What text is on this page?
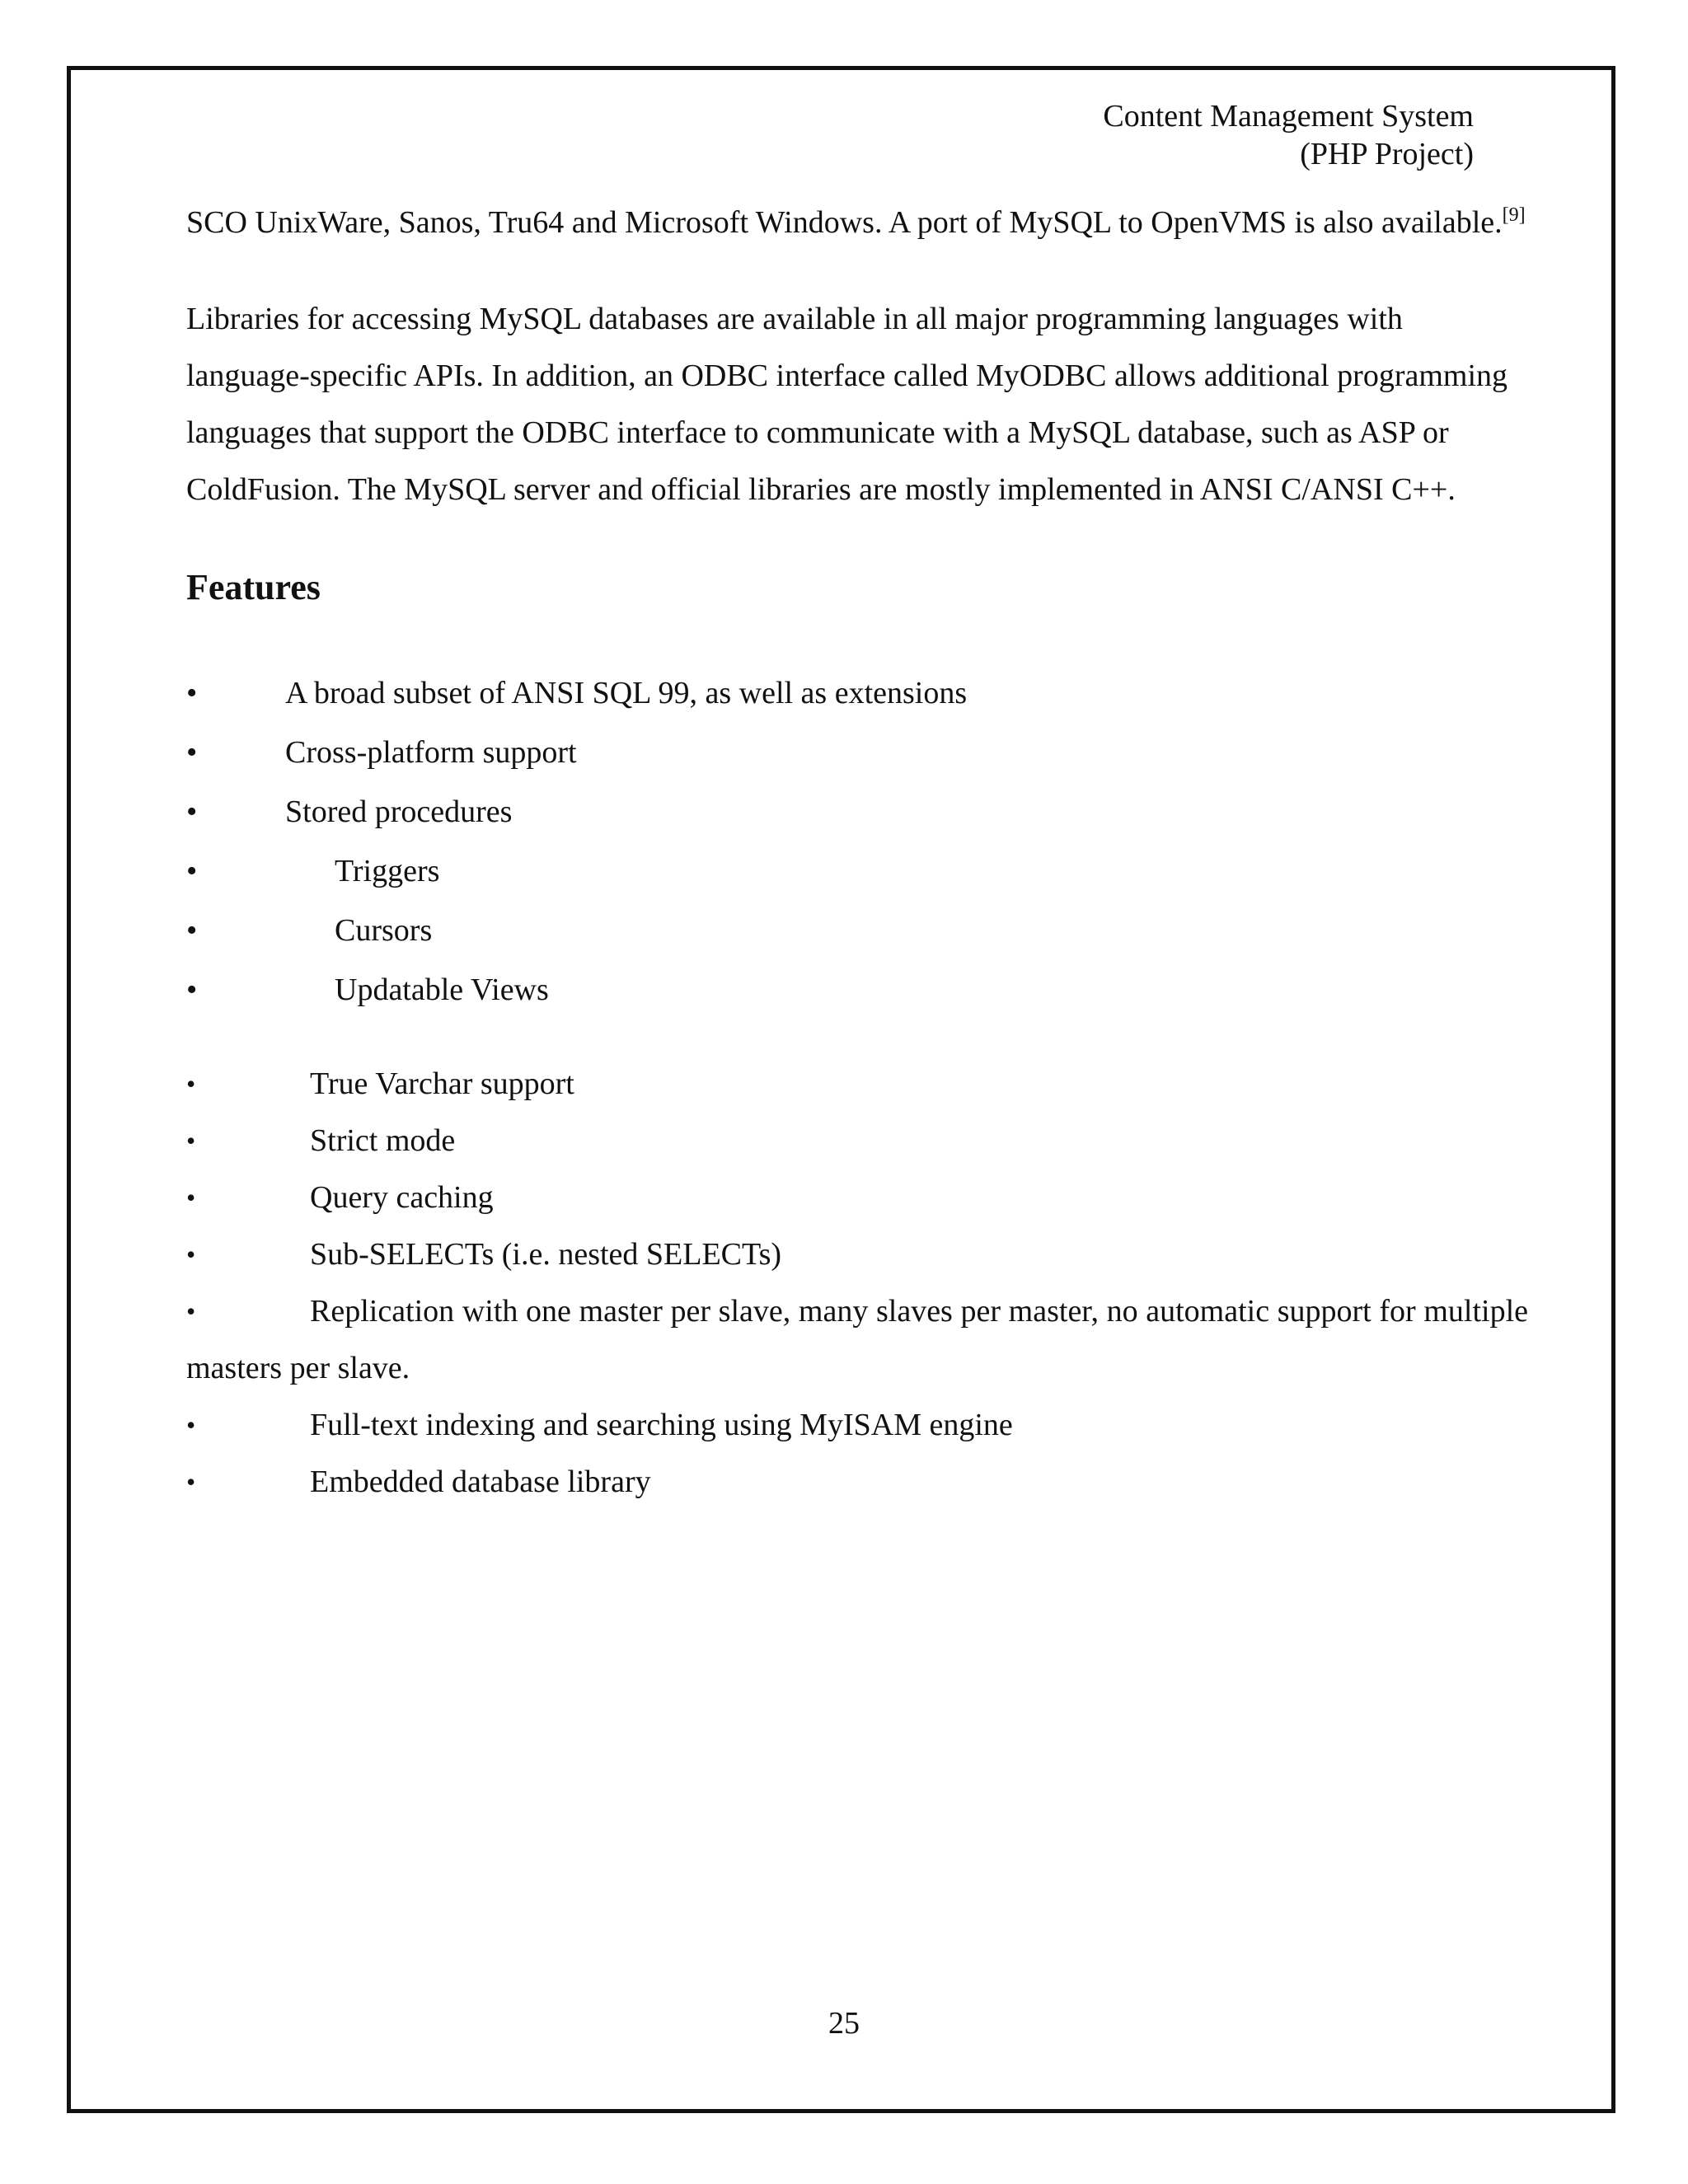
Content Management System
(PHP Project)

SCO UnixWare, Sanos, Tru64 and Microsoft Windows. A port of MySQL to OpenVMS is also available.[9]

Libraries for accessing MySQL databases are available in all major programming languages with language-specific APIs. In addition, an ODBC interface called MyODBC allows additional programming languages that support the ODBC interface to communicate with a MySQL database, such as ASP or ColdFusion. The MySQL server and official libraries are mostly implemented in ANSI C/ANSI C++.

Features
•	A broad subset of ANSI SQL 99, as well as extensions
•	Cross-platform support
•	Stored procedures
•	Triggers
•	Cursors
•	Updatable Views
•	True Varchar support
•	Strict mode
•	Query caching
•	Sub-SELECTs (i.e. nested SELECTs)
•	Replication with one master per slave, many slaves per master, no automatic support for multiple masters per slave.
•	Full-text indexing and searching using MyISAM engine
•	Embedded database library
25
